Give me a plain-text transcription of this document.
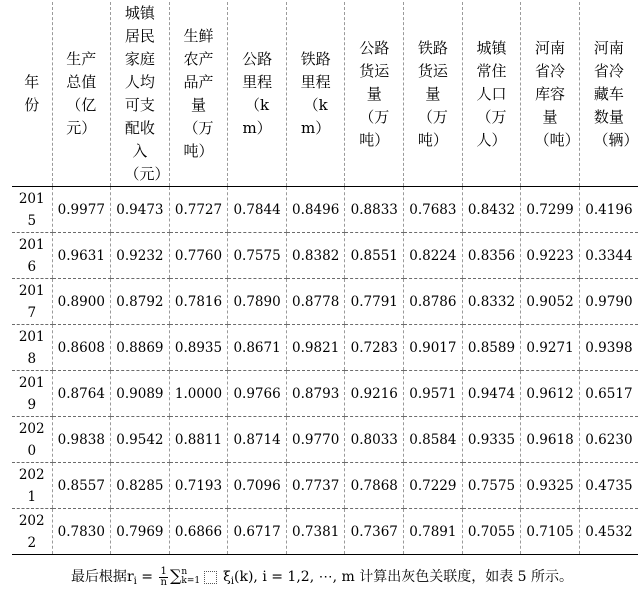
年份	生产总值（亿元）	城镇居民家庭人均可支配收入（元）	生鲜农产品产量（万吨）	公路里程（km）	铁路里程（km）	公路货运量（万吨）	铁路货运量（万吨）	城镇常住人口（万人）	河南省冷库容量（吨）	河南省冷藏车数量（辆）

2015	0.9977	0.9473	0.7727	0.7844	0.8496	0.8833	0.7683	0.8432	0.7299	0.4196

2016	0.9631	0.9232	0.7760	0.7575	0.8382	0.8551	0.8224	0.8356	0.9223	0.3344

2017	0.8900	0.8792	0.7816	0.7890	0.8778	0.7791	0.8786	0.8332	0.9052	0.9790

2018	0.8608	0.8869	0.8935	0.8671	0.9821	0.7283	0.9017	0.8589	0.9271	0.9398

2019	0.8764	0.9089	1.0000	0.9766	0.8793	0.9216	0.9571	0.9474	0.9612	0.6517

2020	0.9838	0.9542	0.8811	0.8714	0.9770	0.8033	0.8584	0.9335	0.9618	0.6230

2021	0.8557	0.8285	0.7193	0.7096	0.7737	0.7868	0.7229	0.7575	0.9325	0.4735

2022	0.7830	0.7969	0.6866	0.6717	0.7381	0.7367	0.7891	0.7055	0.7105	0.4532
最后根据$r_i = \frac{1}{n}$ ∑ n
k=1 $\xi_i(k)$, i = 1,2, ⋯, m 计算出灰色关联度，如表 5 所示。
